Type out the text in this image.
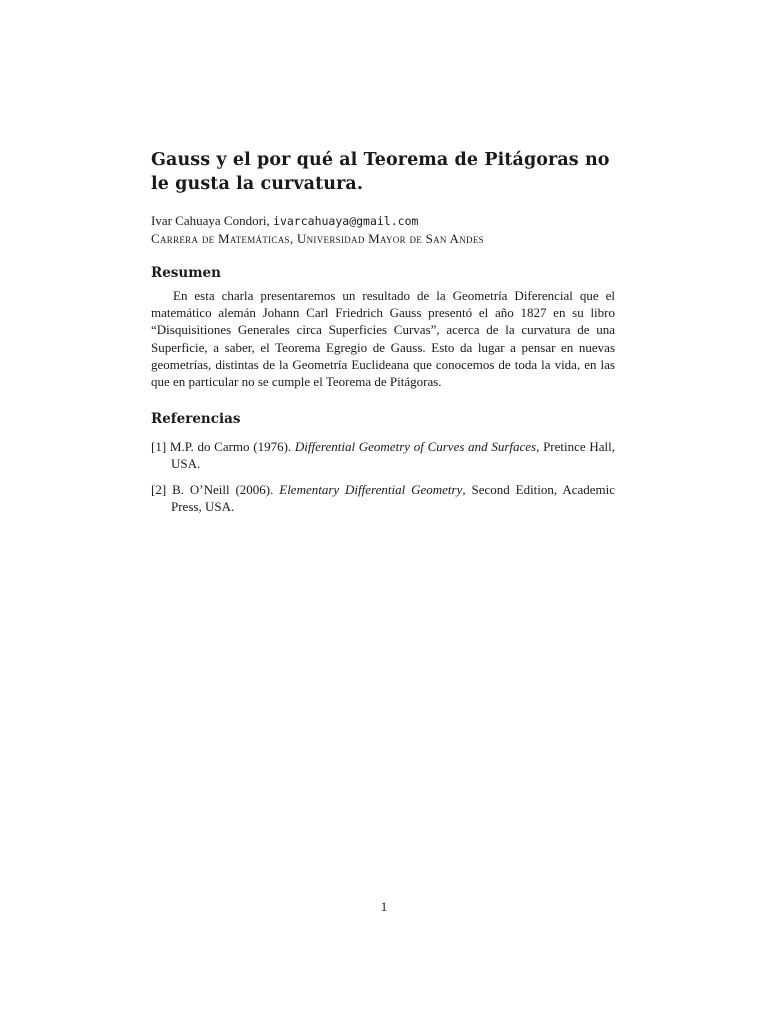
Gauss y el por qué al Teorema de Pitágoras no le gusta la curvatura.
Ivar Cahuaya Condori, ivarcahuaya@gmail.com
Carrera de Matemáticas, Universidad Mayor de San Andes
Resumen

En esta charla presentaremos un resultado de la Geometría Diferencial que el matemático alemán Johann Carl Friedrich Gauss presentó el año 1827 en su libro “Disquisitiones Generales circa Superficies Curvas”, acerca de la curvatura de una Superficie, a saber, el Teorema Egregio de Gauss. Esto da lugar a pensar en nuevas geometrías, distintas de la Geometría Euclideana que conocemos de toda la vida, en las que en particular no se cumple el Teorema de Pitágoras.

Referencias
[1] M.P. do Carmo (1976). Differential Geometry of Curves and Surfaces, Pretince Hall, USA.
[2] B. O’Neill (2006). Elementary Differential Geometry, Second Edition, Academic Press, USA.
1
